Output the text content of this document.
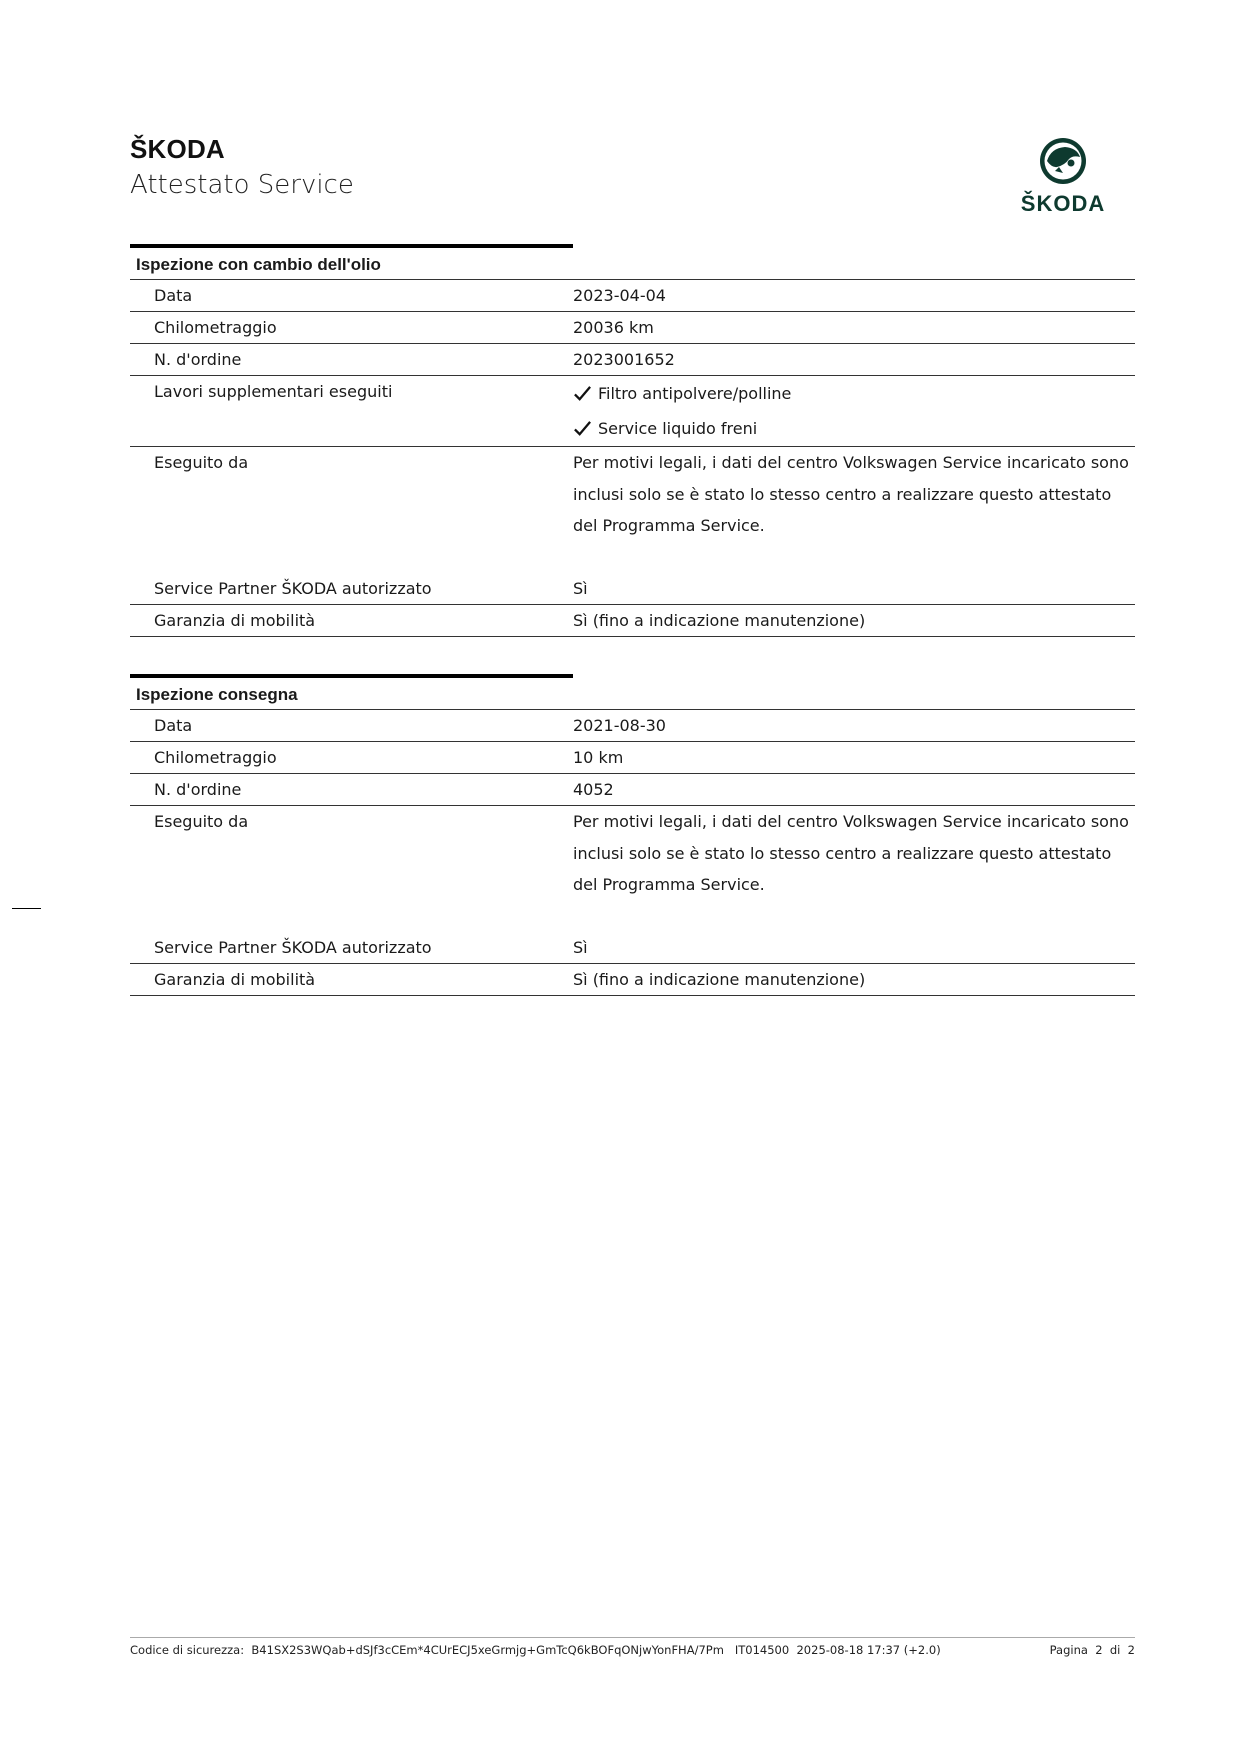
ŠKODA
Attestato Service
ŠKODA
Ispezione con cambio dell'olio
Data	2023-04-04
Chilometraggio	20036 km
N. d'ordine	2023001652
Lavori supplementari eseguiti	Filtro antipolvere/polline
Service liquido freni
Eseguito da	Per motivi legali, i dati del centro Volkswagen Service incaricato sono inclusi solo se è stato lo stesso centro a realizzare questo attestato del Programma Service.
Service Partner ŠKODA autorizzato	Sì
Garanzia di mobilità	Sì (fino a indicazione manutenzione)
Ispezione consegna
Data	2021-08-30
Chilometraggio	10 km
N. d'ordine	4052
Eseguito da	Per motivi legali, i dati del centro Volkswagen Service incaricato sono inclusi solo se è stato lo stesso centro a realizzare questo attestato del Programma Service.
Service Partner ŠKODA autorizzato	Sì
Garanzia di mobilità	Sì (fino a indicazione manutenzione)
Codice di sicurezza:  B41SX2S3WQab+dSJf3cCEm*4CUrECJ5xeGrmjg+GmTcQ6kBOFqONjwYonFHA/7Pm   IT014500  2025-08-18 17:37 (+2.0)	Pagina  2  di  2
